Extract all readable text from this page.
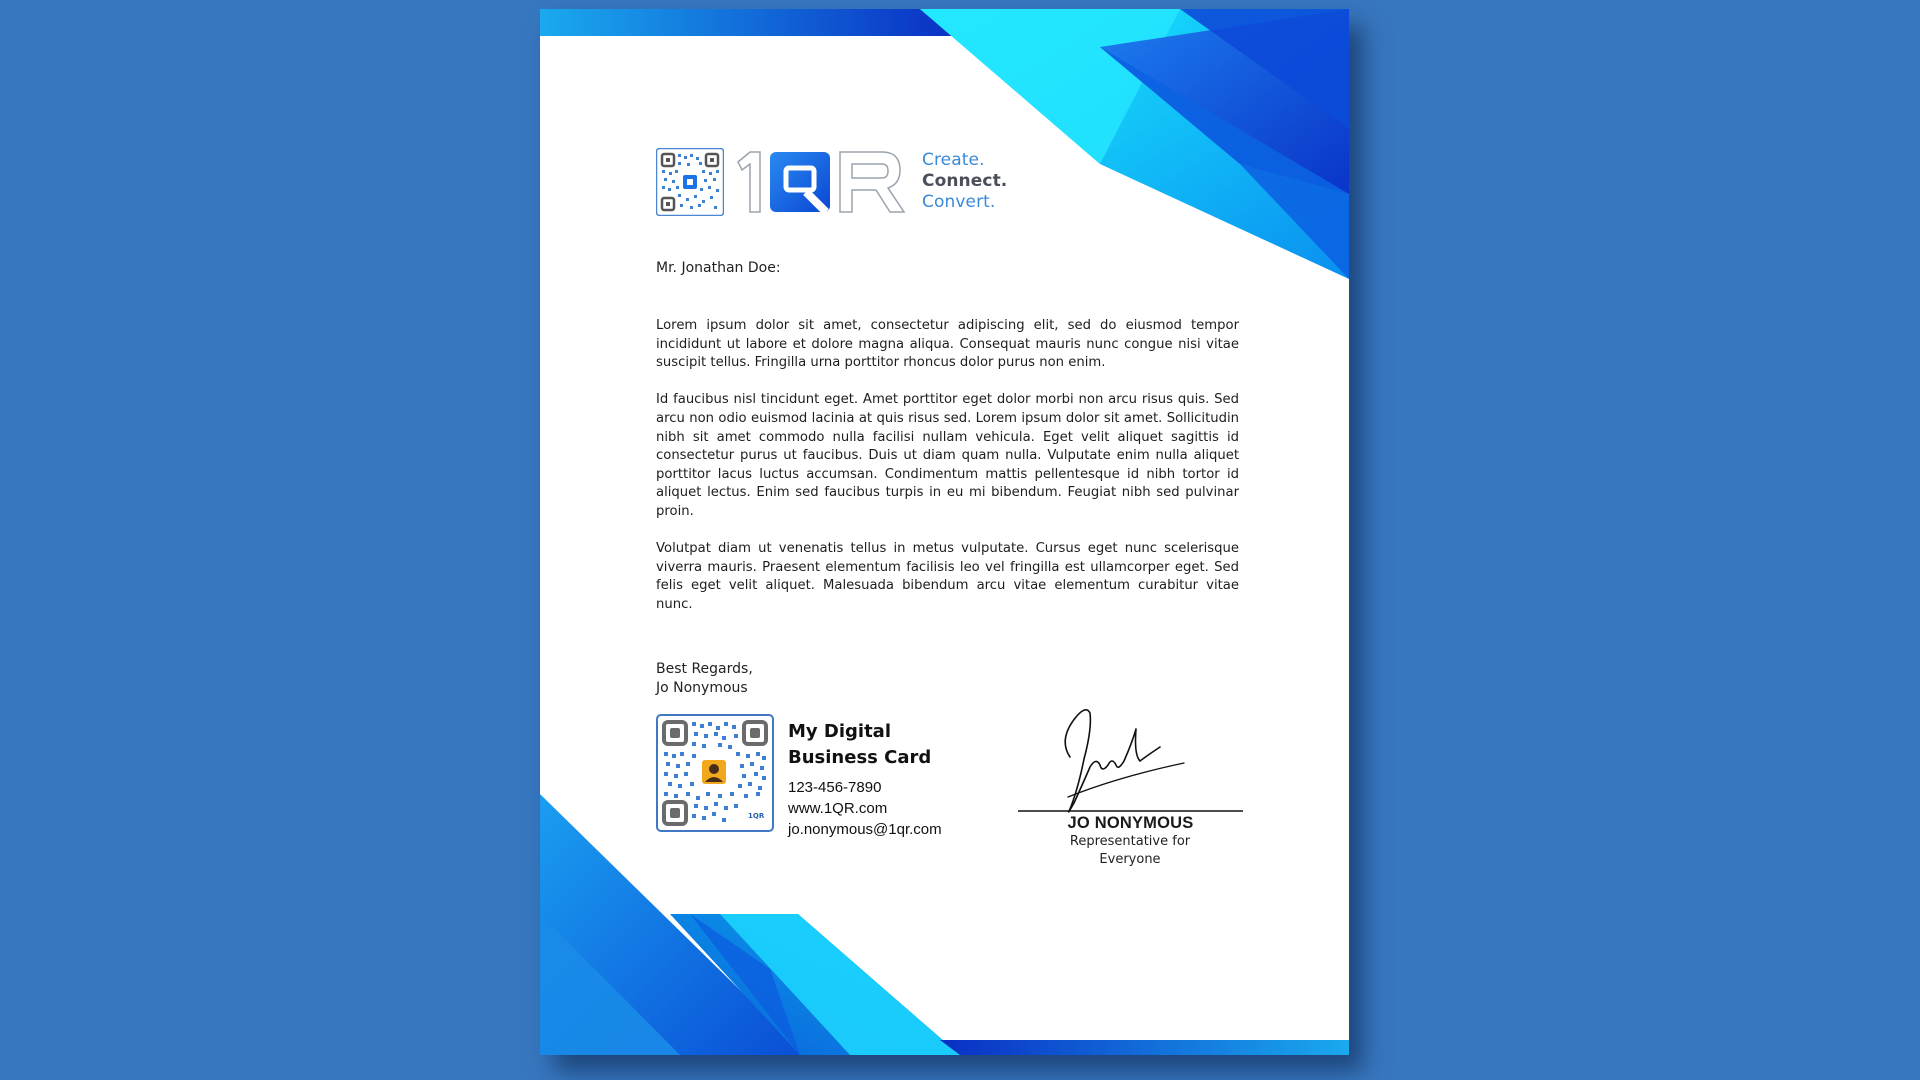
Create.
Connect.
Convert.
Mr. Jonathan Doe:

Lorem ipsum dolor sit amet, consectetur adipiscing elit, sed do eiusmod tempor incididunt ut labore et dolore magna aliqua. Consequat mauris nunc congue nisi vitae suscipit tellus. Fringilla urna porttitor rhoncus dolor purus non enim.

Id faucibus nisl tincidunt eget. Amet porttitor eget dolor morbi non arcu risus quis. Sed arcu non odio euismod lacinia at quis risus sed. Lorem ipsum dolor sit amet. Sollicitudin nibh sit amet commodo nulla facilisi nullam vehicula. Eget velit aliquet sagittis id consectetur purus ut faucibus. Duis ut diam quam nulla. Vulputate enim nulla aliquet porttitor lacus luctus accumsan. Condimentum mattis pellentesque id nibh tortor id aliquet lectus. Enim sed faucibus turpis in eu mi bibendum. Feugiat nibh sed pulvinar proin.

Volutpat diam ut venenatis tellus in metus vulputate. Cursus eget nunc scelerisque viverra mauris. Praesent elementum facilisis leo vel fringilla est ullamcorper eget. Sed felis eget velit aliquet. Malesuada bibendum arcu vitae elementum curabitur vitae nunc.

Best Regards,
Jo Nonymous
1QR
My Digital
Business Card
123-456-7890
www.1QR.com
jo.nonymous@1qr.com	JO NONYMOUS
Representative for Everyone
